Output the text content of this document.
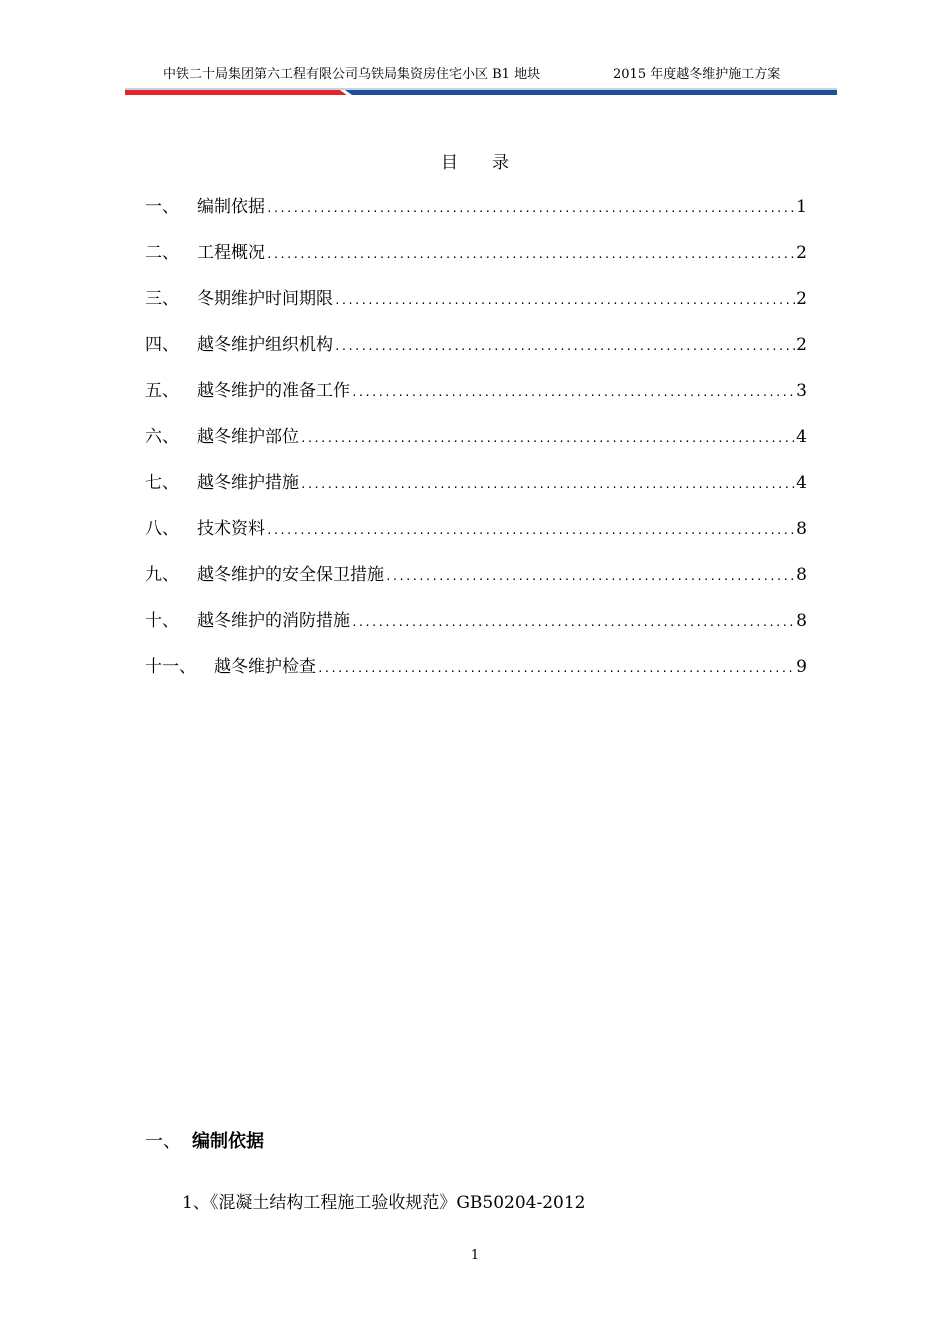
中铁二十局集团第六工程有限公司乌铁局集资房住宅小区 B1 地块	2015 年度越冬维护施工方案
目 录
一、 编制依据 .....	1
二、 工程概况 .....	2
三、 冬期维护时间期限 .....	2
四、 越冬维护组织机构 .....	2
五、 越冬维护的准备工作 .....	3
六、 越冬维护部位 .....	4
七、 越冬维护措施 .....	4
八、 技术资料 .....	8
九、 越冬维护的安全保卫措施 .....	8
十、 越冬维护的消防措施 .....	8
十一、 越冬维护检查 .....	9
一、 编制依据
1、《混凝土结构工程施工验收规范》GB50204-2012
1
